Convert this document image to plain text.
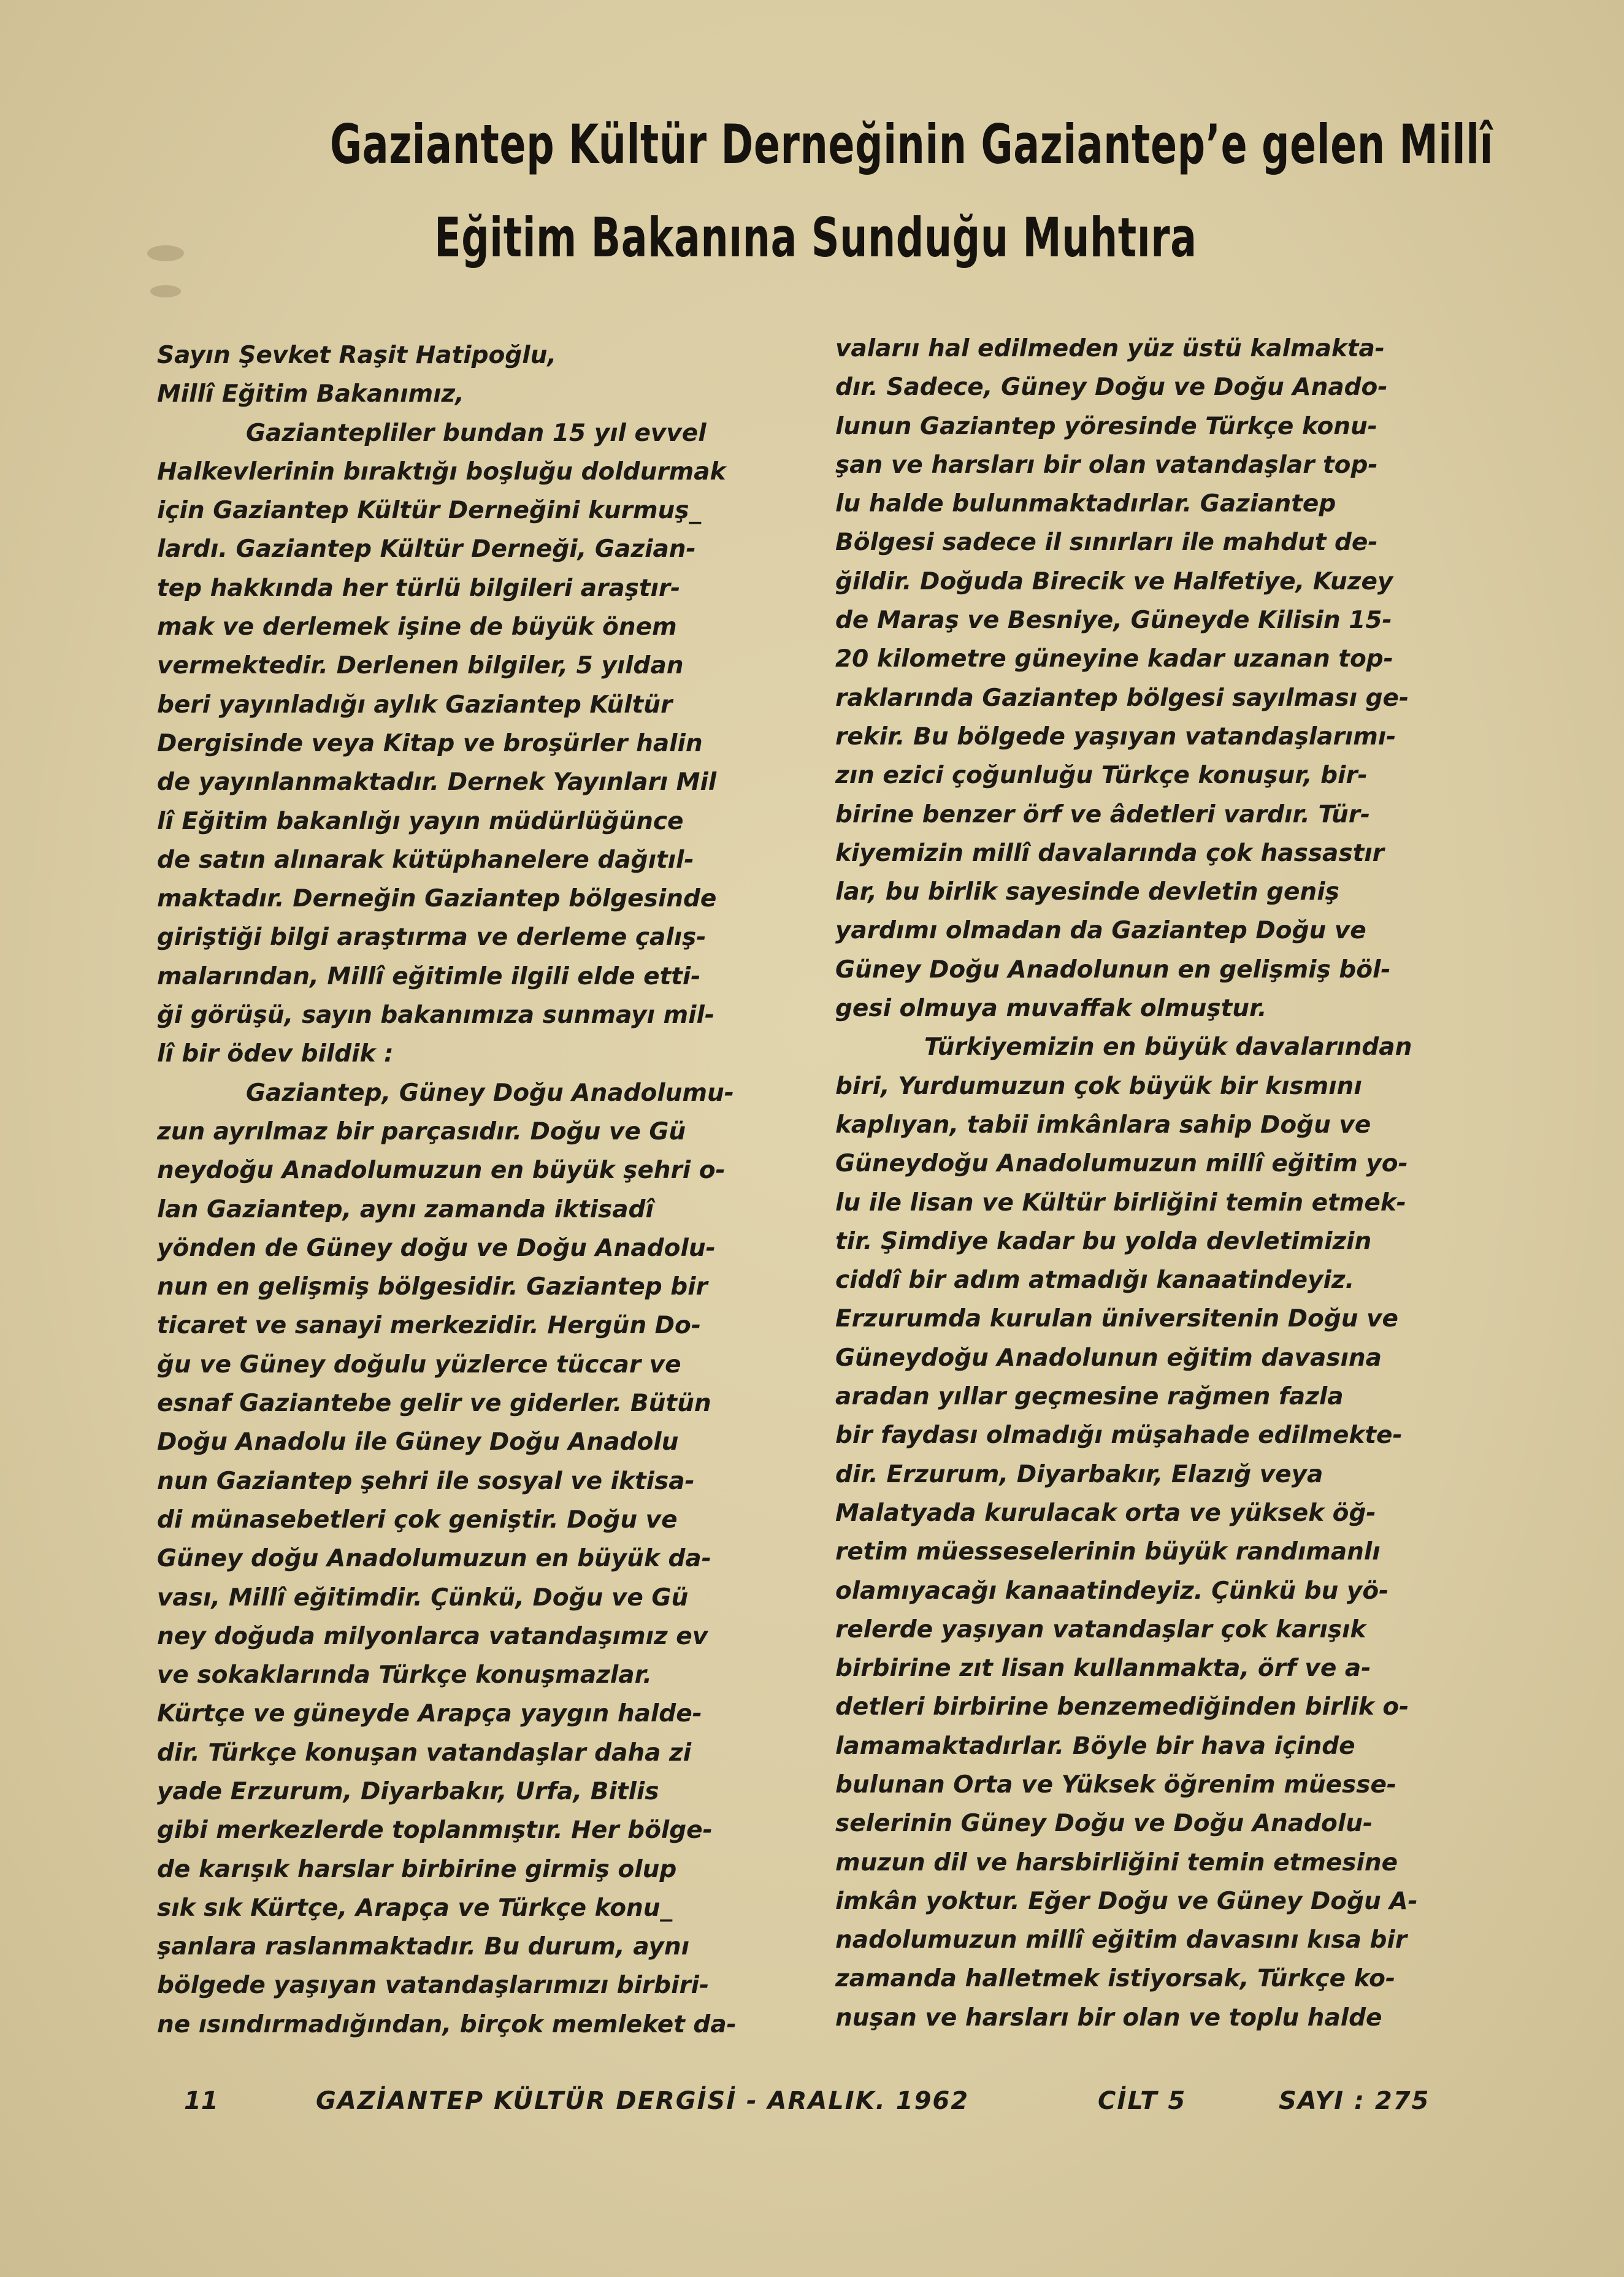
Gaziantep Kültür Derneğinin Gaziantep’e gelen Millî
Eğitim Bakanına Sunduğu Muhtıra
Sayın Şevket Raşit Hatipoğlu,
Millî Eğitim Bakanımız,
Gaziantepliler bundan 15 yıl evvel
Halkevlerinin bıraktığı boşluğu doldurmak
için Gaziantep Kültür Derneğini kurmuş_
lardı. Gaziantep Kültür Derneği, Gazian-
tep hakkında her türlü bilgileri araştır-
mak ve derlemek işine de büyük önem
vermektedir. Derlenen bilgiler, 5 yıldan
beri yayınladığı aylık Gaziantep Kültür
Dergisinde veya Kitap ve broşürler halin
de yayınlanmaktadır. Dernek Yayınları Mil
lî Eğitim bakanlığı yayın müdürlüğünce
de satın alınarak kütüphanelere dağıtıl-
maktadır. Derneğin Gaziantep bölgesinde
giriştiği bilgi araştırma ve derleme çalış-
malarından, Millî eğitimle ilgili elde etti-
ği görüşü, sayın bakanımıza sunmayı mil-
lî bir ödev bildik :
Gaziantep, Güney Doğu Anadolumu-
zun ayrılmaz bir parçasıdır. Doğu ve Gü
neydoğu Anadolumuzun en büyük şehri o-
lan Gaziantep, aynı zamanda iktisadî
yönden de Güney doğu ve Doğu Anadolu-
nun en gelişmiş bölgesidir. Gaziantep bir
ticaret ve sanayi merkezidir. Hergün Do-
ğu ve Güney doğulu yüzlerce tüccar ve
esnaf Gaziantebe gelir ve giderler. Bütün
Doğu Anadolu ile Güney Doğu Anadolu
nun Gaziantep şehri ile sosyal ve iktisa-
di münasebetleri çok geniştir. Doğu ve
Güney doğu Anadolumuzun en büyük da-
vası, Millî eğitimdir. Çünkü, Doğu ve Gü
ney doğuda milyonlarca vatandaşımız ev
ve sokaklarında Türkçe konuşmazlar.
Kürtçe ve güneyde Arapça yaygın halde-
dir. Türkçe konuşan vatandaşlar daha zi
yade Erzurum, Diyarbakır, Urfa, Bitlis
gibi merkezlerde toplanmıştır. Her bölge-
de karışık harslar birbirine girmiş olup
sık sık Kürtçe, Arapça ve Türkçe konu_
şanlara raslanmaktadır. Bu durum, aynı
bölgede yaşıyan vatandaşlarımızı birbiri-
ne ısındırmadığından, birçok memleket da-
valarıı hal edilmeden yüz üstü kalmakta-
dır. Sadece, Güney Doğu ve Doğu Anado-
lunun Gaziantep yöresinde Türkçe konu-
şan ve harsları bir olan vatandaşlar top-
lu halde bulunmaktadırlar. Gaziantep
Bölgesi sadece il sınırları ile mahdut de-
ğildir. Doğuda Birecik ve Halfetiye, Kuzey
de Maraş ve Besniye, Güneyde Kilisin 15-
20 kilometre güneyine kadar uzanan top-
raklarında Gaziantep bölgesi sayılması ge-
rekir. Bu bölgede yaşıyan vatandaşlarımı-
zın ezici çoğunluğu Türkçe konuşur, bir-
birine benzer örf ve âdetleri vardır. Tür-
kiyemizin millî davalarında çok hassastır
lar, bu birlik sayesinde devletin geniş
yardımı olmadan da Gaziantep Doğu ve
Güney Doğu Anadolunun en gelişmiş böl-
gesi olmuya muvaffak olmuştur.
Türkiyemizin en büyük davalarından
biri, Yurdumuzun çok büyük bir kısmını
kaplıyan, tabii imkânlara sahip Doğu ve
Güneydoğu Anadolumuzun millî eğitim yo-
lu ile lisan ve Kültür birliğini temin etmek-
tir. Şimdiye kadar bu yolda devletimizin
ciddî bir adım atmadığı kanaatindeyiz.
Erzurumda kurulan üniversitenin Doğu ve
Güneydoğu Anadolunun eğitim davasına
aradan yıllar geçmesine rağmen fazla
bir faydası olmadığı müşahade edilmekte-
dir. Erzurum, Diyarbakır, Elazığ veya
Malatyada kurulacak orta ve yüksek öğ-
retim müesseselerinin büyük randımanlı
olamıyacağı kanaatindeyiz. Çünkü bu yö-
relerde yaşıyan vatandaşlar çok karışık
birbirine zıt lisan kullanmakta, örf ve a-
detleri birbirine benzemediğinden birlik o-
lamamaktadırlar. Böyle bir hava içinde
bulunan Orta ve Yüksek öğrenim müesse-
selerinin Güney Doğu ve Doğu Anadolu-
muzun dil ve harsbirliğini temin etmesine
imkân yoktur. Eğer Doğu ve Güney Doğu A-
nadolumuzun millî eğitim davasını kısa bir
zamanda halletmek istiyorsak, Türkçe ko-
nuşan ve harsları bir olan ve toplu halde
11	GAZİANTEP KÜLTÜR DERGİSİ - ARALIK. 1962	CİLT 5	SAYI : 275
